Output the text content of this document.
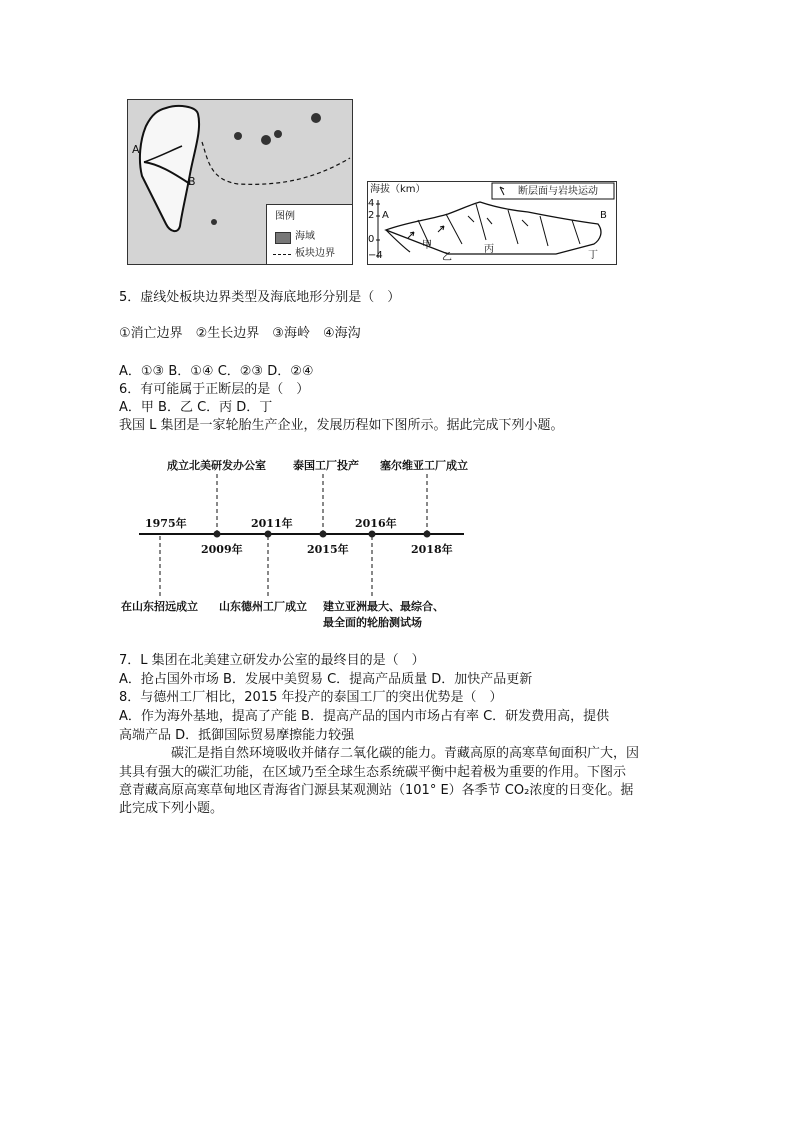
A
B
图例
海域
板块边界
海拔（km）
4
2 A
0
−4
断层面与岩块运动
B
甲
乙
丙
丁
5．虚线处板块边界类型及海底地形分别是（　）
①消亡边界　②生长边界　③海岭　④海沟
A．①③ B．①④ C．②③ D．②④
6．有可能属于正断层的是（　）
A．甲 B．乙 C．丙 D．丁
我国 L 集团是一家轮胎生产企业，发展历程如下图所示。据此完成下列小题。
成立北美研发办公室 泰国工厂投产 塞尔维亚工厂成立
1975年	2011年	2016年
2009年	2015年	2018年
在山东招远成立 山东德州工厂成立 建立亚洲最大、最综合、
最全面的轮胎测试场
7．L 集团在北美建立研发办公室的最终目的是（　）
A．抢占国外市场 B．发展中美贸易 C．提高产品质量 D．加快产品更新
8．与德州工厂相比，2015 年投产的泰国工厂的突出优势是（　）
A．作为海外基地，提高了产能 B．提高产品的国内市场占有率 C．研发费用高，提供
高端产品 D．抵御国际贸易摩擦能力较强
碳汇是指自然环境吸收并储存二氧化碳的能力。青藏高原的高寒草甸面积广大，因
其具有强大的碳汇功能，在区域乃至全球生态系统碳平衡中起着极为重要的作用。下图示
意青藏高原高寒草甸地区青海省门源县某观测站（101° E）各季节 CO₂浓度的日变化。据
此完成下列小题。
